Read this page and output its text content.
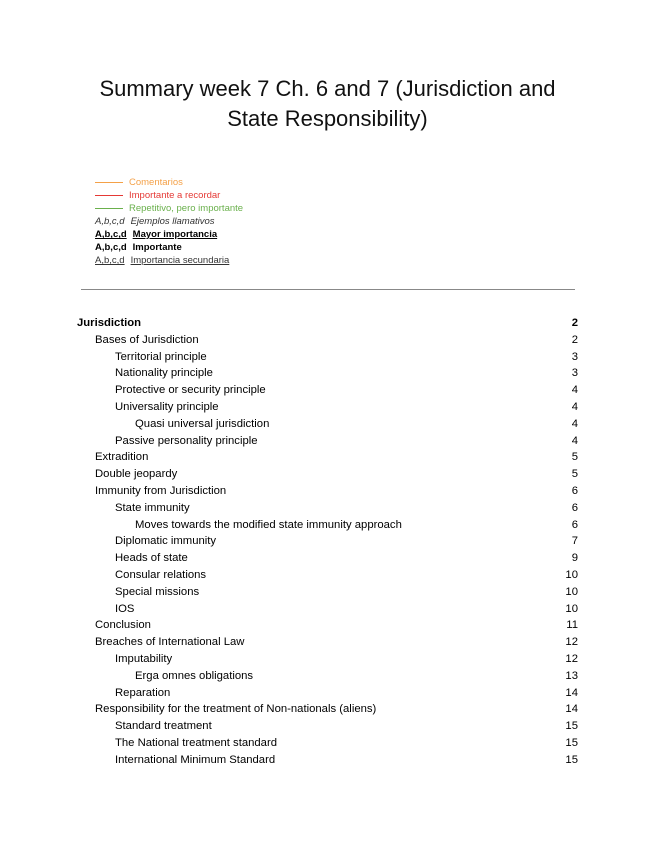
Summary week 7 Ch. 6 and 7 (Jurisdiction and
State Responsibility)
Comentarios
Importante a recordar
Repetitivo, pero importante
A,b,c,d Ejemplos llamativos
A,b,c,d Mayor importancia
A,b,c,d Importante
A,b,c,d Importancia secundaria
Jurisdiction	2
Bases of Jurisdiction	2
Territorial principle	3
Nationality principle	3
Protective or security principle	4
Universality principle	4
Quasi universal jurisdiction	4
Passive personality principle	4
Extradition	5
Double jeopardy	5
Immunity from Jurisdiction	6
State immunity	6
Moves towards the modified state immunity approach	6
Diplomatic immunity	7
Heads of state	9
Consular relations	10
Special missions	10
IOS	10
Conclusion	11
Breaches of International Law	12
Imputability	12
Erga omnes obligations	13
Reparation	14
Responsibility for the treatment of Non-nationals (aliens)	14
Standard treatment	15
The National treatment standard	15
International Minimum Standard	15
